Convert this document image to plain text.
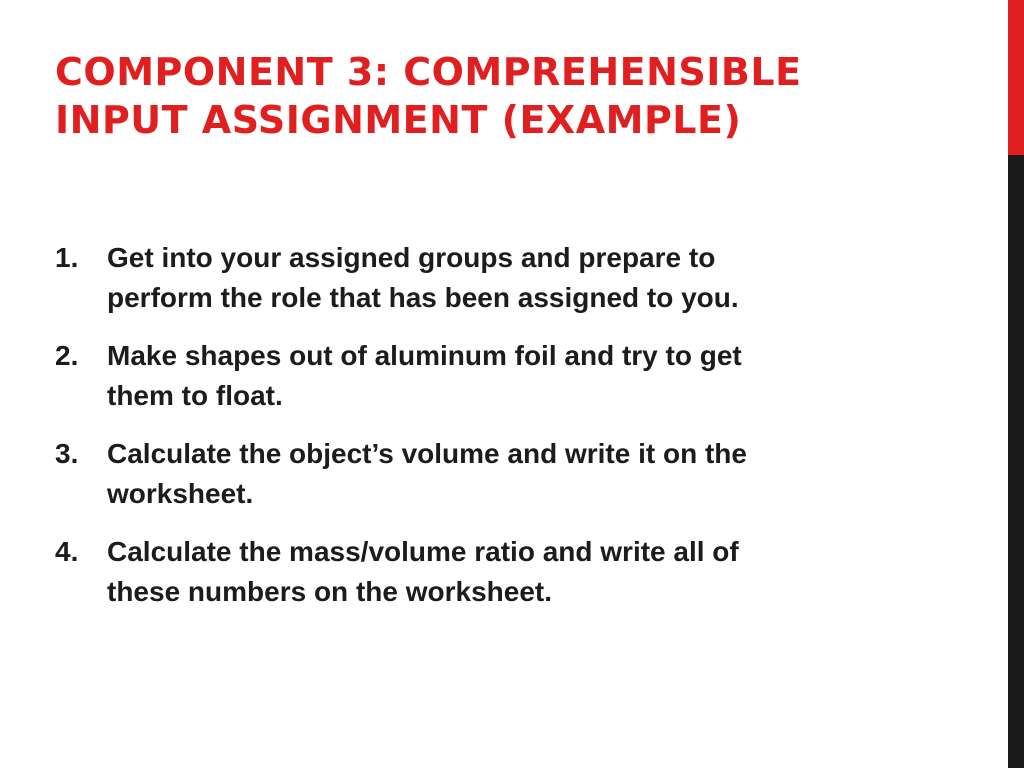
COMPONENT 3: COMPREHENSIBLE
INPUT ASSIGNMENT (EXAMPLE)
1. Get into your assigned groups and prepare to
perform the role that has been assigned to you.
2. Make shapes out of aluminum foil and try to get
them to float.
3. Calculate the object’s volume and write it on the
worksheet.
4. Calculate the mass/volume ratio and write all of
these numbers on the worksheet.
